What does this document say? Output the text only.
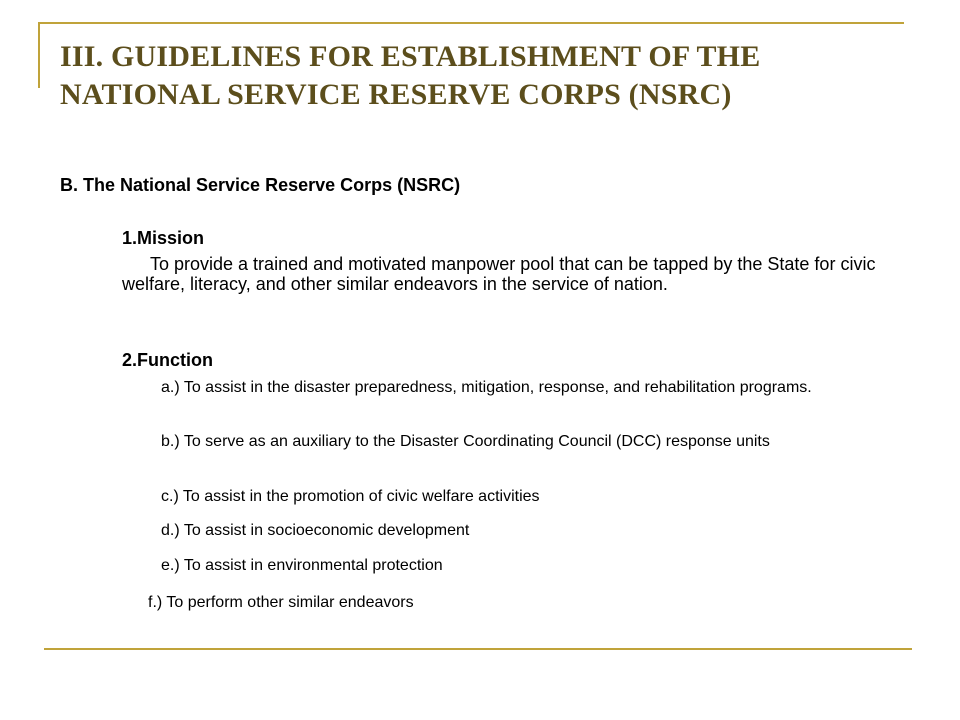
III. GUIDELINES FOR ESTABLISHMENT OF THE
NATIONAL SERVICE RESERVE CORPS (NSRC)
B. The National Service Reserve Corps (NSRC)
1.Mission

To provide a trained and motivated manpower pool that can be tapped by the State for civic welfare, literacy, and other similar endeavors in the service of nation.

2.Function
a.) To assist in the disaster preparedness, mitigation, response, and rehabilitation programs.
b.) To serve as an auxiliary to the Disaster Coordinating Council (DCC) response units
c.) To assist in the promotion of civic welfare activities
d.) To assist in socioeconomic development
e.) To assist in environmental protection
f.) To perform other similar endeavors
